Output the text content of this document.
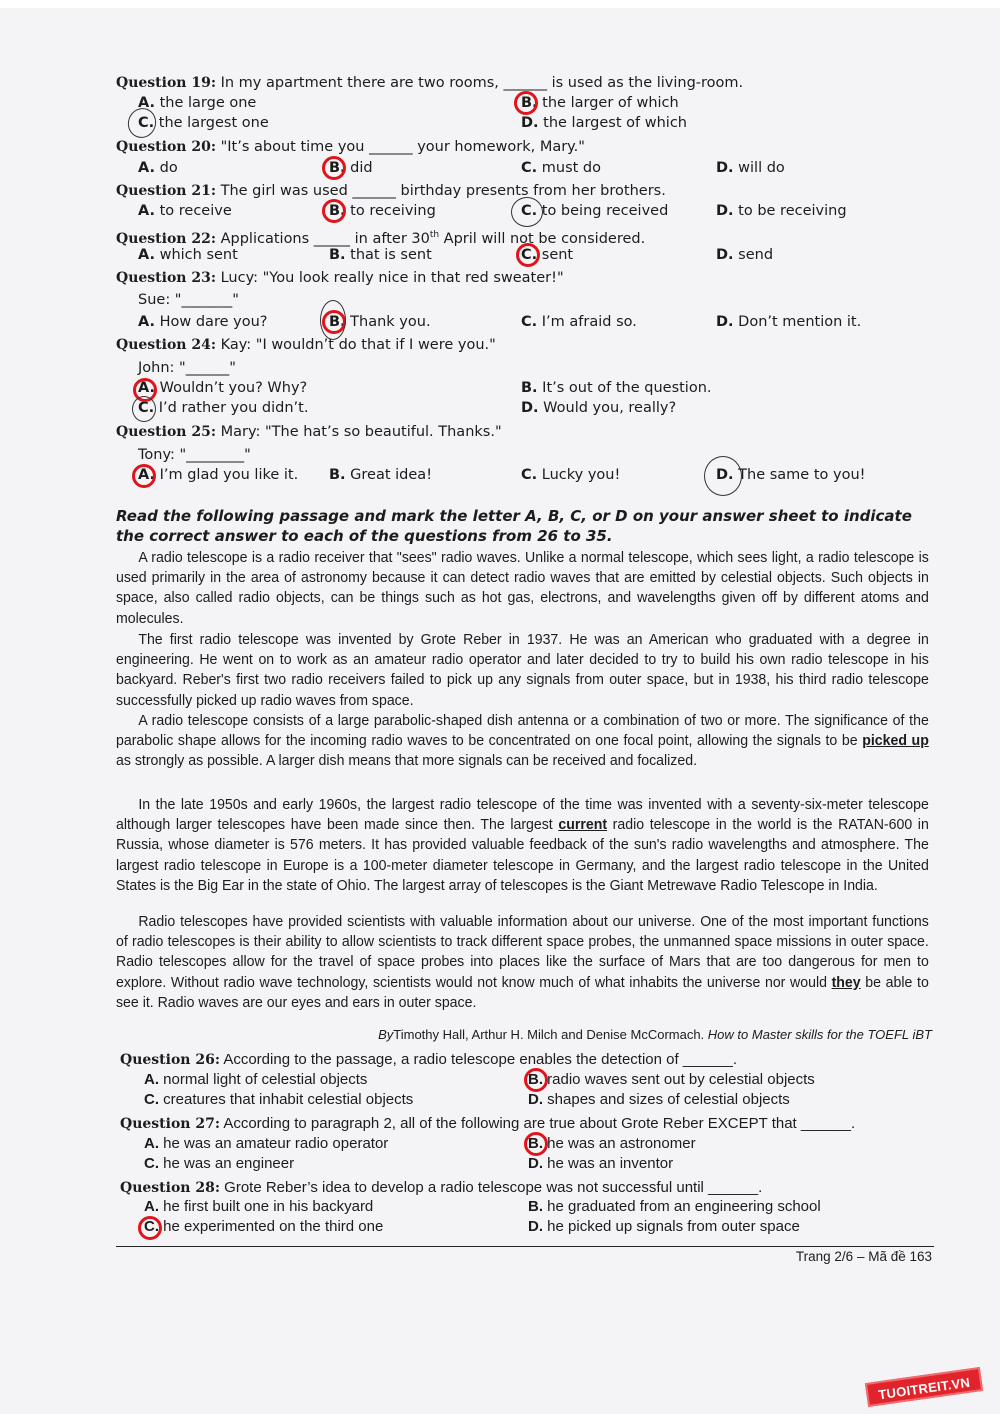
Question 19: In my apartment there are two rooms, ______ is used as the living-room.
A. the large one	B. the larger of which
C. the largest one	D. the largest of which
Question 20: "It’s about time you ______ your homework, Mary."
A. do	B. did	C. must do	D. will do
Question 21: The girl was used ______ birthday presents from her brothers.
A. to receive	B. to receiving	C. to being received	D. to be receiving
Question 22: Applications _____ in after 30th April will not be considered.
A. which sent	B. that is sent	C. sent	D. send
Question 23: Lucy: "You look really nice in that red sweater!"
Sue: "_______"
A. How dare you?	B. Thank you.	C. I’m afraid so.	D. Don’t mention it.
Question 24: Kay: "I wouldn’t do that if I were you."
John: "______"
A. Wouldn’t you? Why?	B. It’s out of the question.
C. I’d rather you didn’t.	D. Would you, really?
Question 25: Mary: "The hat’s so beautiful. Thanks."
Tony: "________"
A. I’m glad you like it. B. Great idea!	C. Lucky you!	D. The same to you!
Read the following passage and mark the letter A, B, C, or D on your answer sheet to indicate the correct answer to each of the questions from 26 to 35.
A radio telescope is a radio receiver that "sees" radio waves. Unlike a normal telescope, which sees light, a radio telescope is used primarily in the area of astronomy because it can detect radio waves that are emitted by celestial objects. Such objects in space, also called radio objects, can be things such as hot gas, electrons, and wavelengths given off by different atoms and molecules.
The first radio telescope was invented by Grote Reber in 1937. He was an American who graduated with a degree in engineering. He went on to work as an amateur radio operator and later decided to try to build his own radio telescope in his backyard. Reber's first two radio receivers failed to pick up any signals from outer space, but in 1938, his third radio telescope successfully picked up radio waves from space.
A radio telescope consists of a large parabolic-shaped dish antenna or a combination of two or more. The significance of the parabolic shape allows for the incoming radio waves to be concentrated on one focal point, allowing the signals to be picked up as strongly as possible. A larger dish means that more signals can be received and focalized.
In the late 1950s and early 1960s, the largest radio telescope of the time was invented with a seventy-six-meter telescope although larger telescopes have been made since then. The largest current radio telescope in the world is the RATAN-600 in Russia, whose diameter is 576 meters. It has provided valuable feedback of the sun's radio wavelengths and atmosphere. The largest radio telescope in Europe is a 100-meter diameter telescope in Germany, and the largest radio telescope in the United States is the Big Ear in the state of Ohio. The largest array of telescopes is the Giant Metrewave Radio Telescope in India.
Radio telescopes have provided scientists with valuable information about our universe. One of the most important functions of radio telescopes is their ability to allow scientists to track different space probes, the unmanned space missions in outer space. Radio telescopes allow for the travel of space probes into places like the surface of Mars that are too dangerous for men to explore. Without radio wave technology, scientists would not know much of what inhabits the universe nor would they be able to see it. Radio waves are our eyes and ears in outer space.
ByTimothy Hall, Arthur H. Milch and Denise McCormach. How to Master skills for the TOEFL iBT
Question 26: According to the passage, a radio telescope enables the detection of ______.
A. normal light of celestial objects	B. radio waves sent out by celestial objects
C. creatures that inhabit celestial objects	D. shapes and sizes of celestial objects
Question 27: According to paragraph 2, all of the following are true about Grote Reber EXCEPT that ______.
A. he was an amateur radio operator	B. he was an astronomer
C. he was an engineer	D. he was an inventor
Question 28: Grote Reber’s idea to develop a radio telescope was not successful until ______.
A. he first built one in his backyard	B. he graduated from an engineering school
C. he experimented on the third one	D. he picked up signals from outer space
Trang 2/6 – Mã đề 163
TUOITREIT.VN
